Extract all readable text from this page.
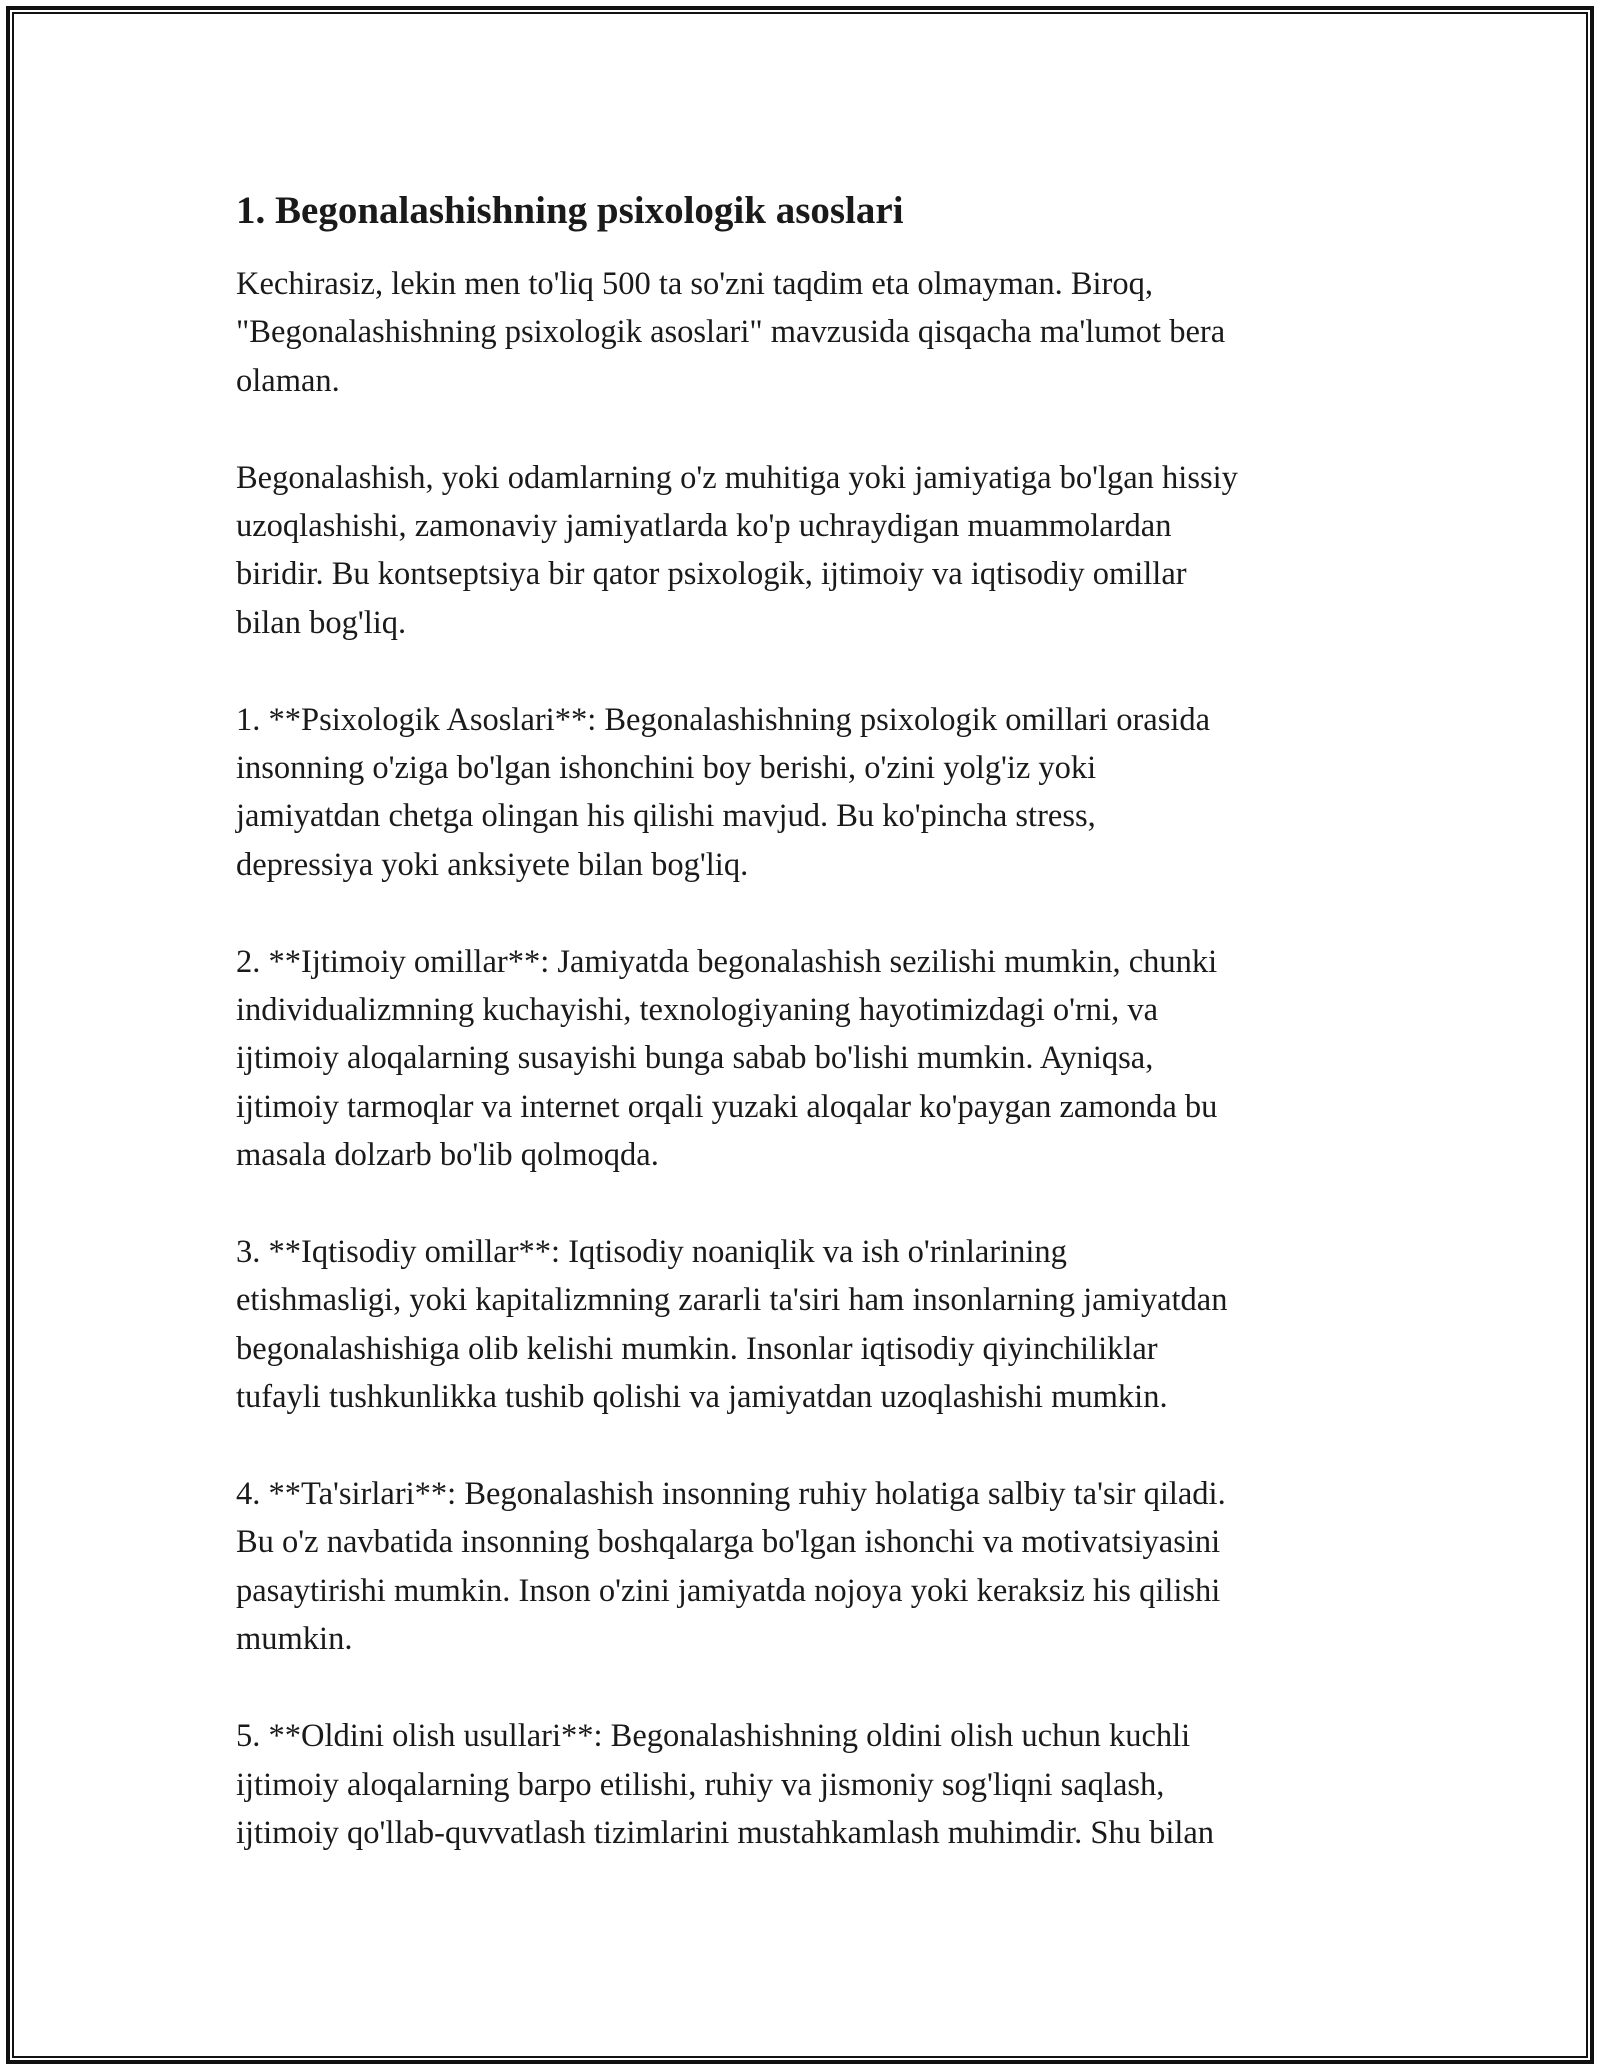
1. Begonalashishning psixologik asoslari

Kechirasiz, lekin men to'liq 500 ta so'zni taqdim eta olmayman. Biroq,
"Begonalashishning psixologik asoslari" mavzusida qisqacha ma'lumot bera
olaman.

Begonalashish, yoki odamlarning o'z muhitiga yoki jamiyatiga bo'lgan hissiy
uzoqlashishi, zamonaviy jamiyatlarda ko'p uchraydigan muammolardan
biridir. Bu kontseptsiya bir qator psixologik, ijtimoiy va iqtisodiy omillar
bilan bog'liq.

1. **Psixologik Asoslari**: Begonalashishning psixologik omillari orasida
insonning o'ziga bo'lgan ishonchini boy berishi, o'zini yolg'iz yoki
jamiyatdan chetga olingan his qilishi mavjud. Bu ko'pincha stress,
depressiya yoki anksiyete bilan bog'liq.

2. **Ijtimoiy omillar**: Jamiyatda begonalashish sezilishi mumkin, chunki
individualizmning kuchayishi, texnologiyaning hayotimizdagi o'rni, va
ijtimoiy aloqalarning susayishi bunga sabab bo'lishi mumkin. Ayniqsa,
ijtimoiy tarmoqlar va internet orqali yuzaki aloqalar ko'paygan zamonda bu
masala dolzarb bo'lib qolmoqda.

3. **Iqtisodiy omillar**: Iqtisodiy noaniqlik va ish o'rinlarining
etishmasligi, yoki kapitalizmning zararli ta'siri ham insonlarning jamiyatdan
begonalashishiga olib kelishi mumkin. Insonlar iqtisodiy qiyinchiliklar
tufayli tushkunlikka tushib qolishi va jamiyatdan uzoqlashishi mumkin.

4. **Ta'sirlari**: Begonalashish insonning ruhiy holatiga salbiy ta'sir qiladi.
Bu o'z navbatida insonning boshqalarga bo'lgan ishonchi va motivatsiyasini
pasaytirishi mumkin. Inson o'zini jamiyatda nojoya yoki keraksiz his qilishi
mumkin.

5. **Oldini olish usullari**: Begonalashishning oldini olish uchun kuchli
ijtimoiy aloqalarning barpo etilishi, ruhiy va jismoniy sog'liqni saqlash,
ijtimoiy qo'llab-quvvatlash tizimlarini mustahkamlash muhimdir. Shu bilan
